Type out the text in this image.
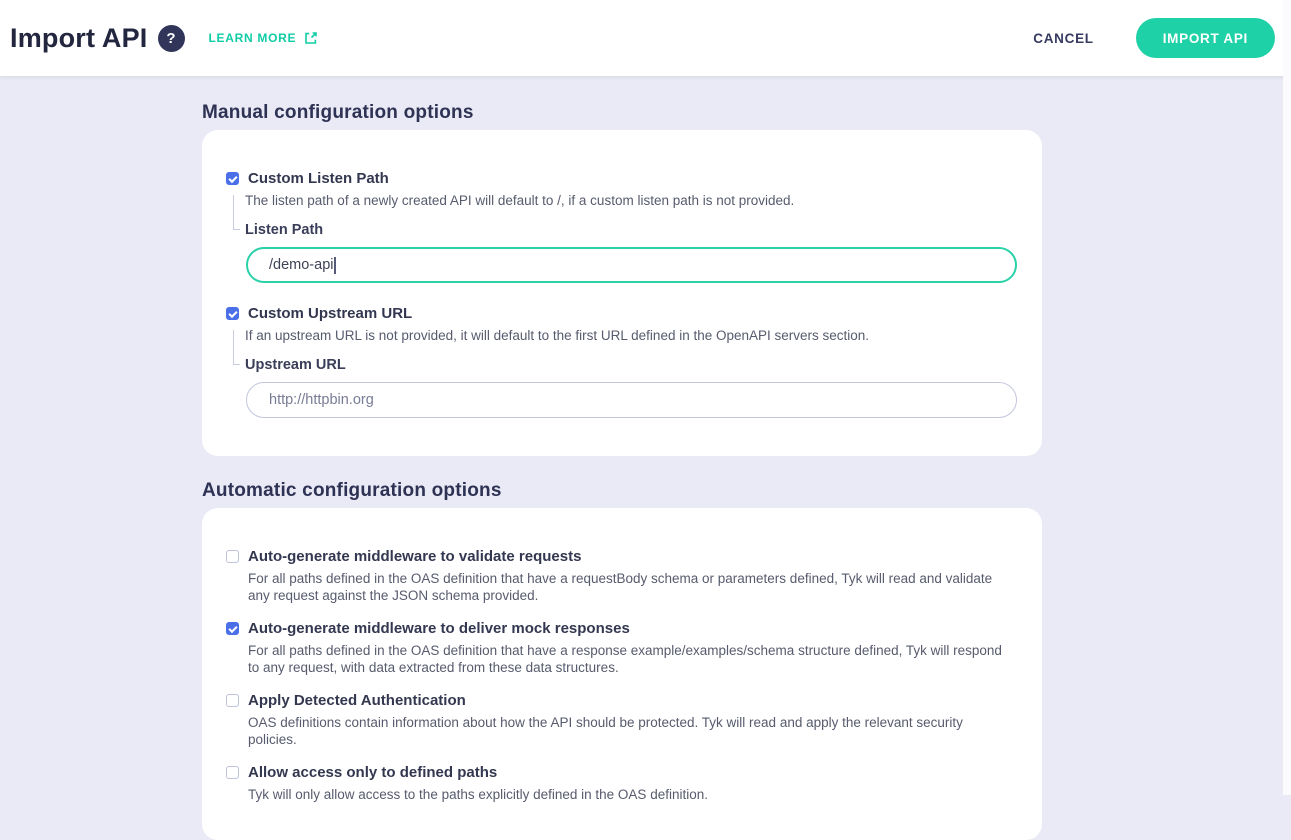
Import API	?	LEARN MORE	CANCEL	IMPORT API
Manual configuration options
Custom Listen Path

The listen path of a newly created API will default to /, if a custom listen path is not provided.

Listen Path
/demo-api
Custom Upstream URL

If an upstream URL is not provided, it will default to the first URL defined in the OpenAPI servers section.

Upstream URL
http://httpbin.org
Automatic configuration options
Auto-generate middleware to validate requests

For all paths defined in the OAS definition that have a requestBody schema or parameters defined, Tyk will read and validate any request against the JSON schema provided.

Auto-generate middleware to deliver mock responses

For all paths defined in the OAS definition that have a response example/examples/schema structure defined, Tyk will respond to any request, with data extracted from these data structures.

Apply Detected Authentication

OAS definitions contain information about how the API should be protected. Tyk will read and apply the relevant security policies.

Allow access only to defined paths

Tyk will only allow access to the paths explicitly defined in the OAS definition.
